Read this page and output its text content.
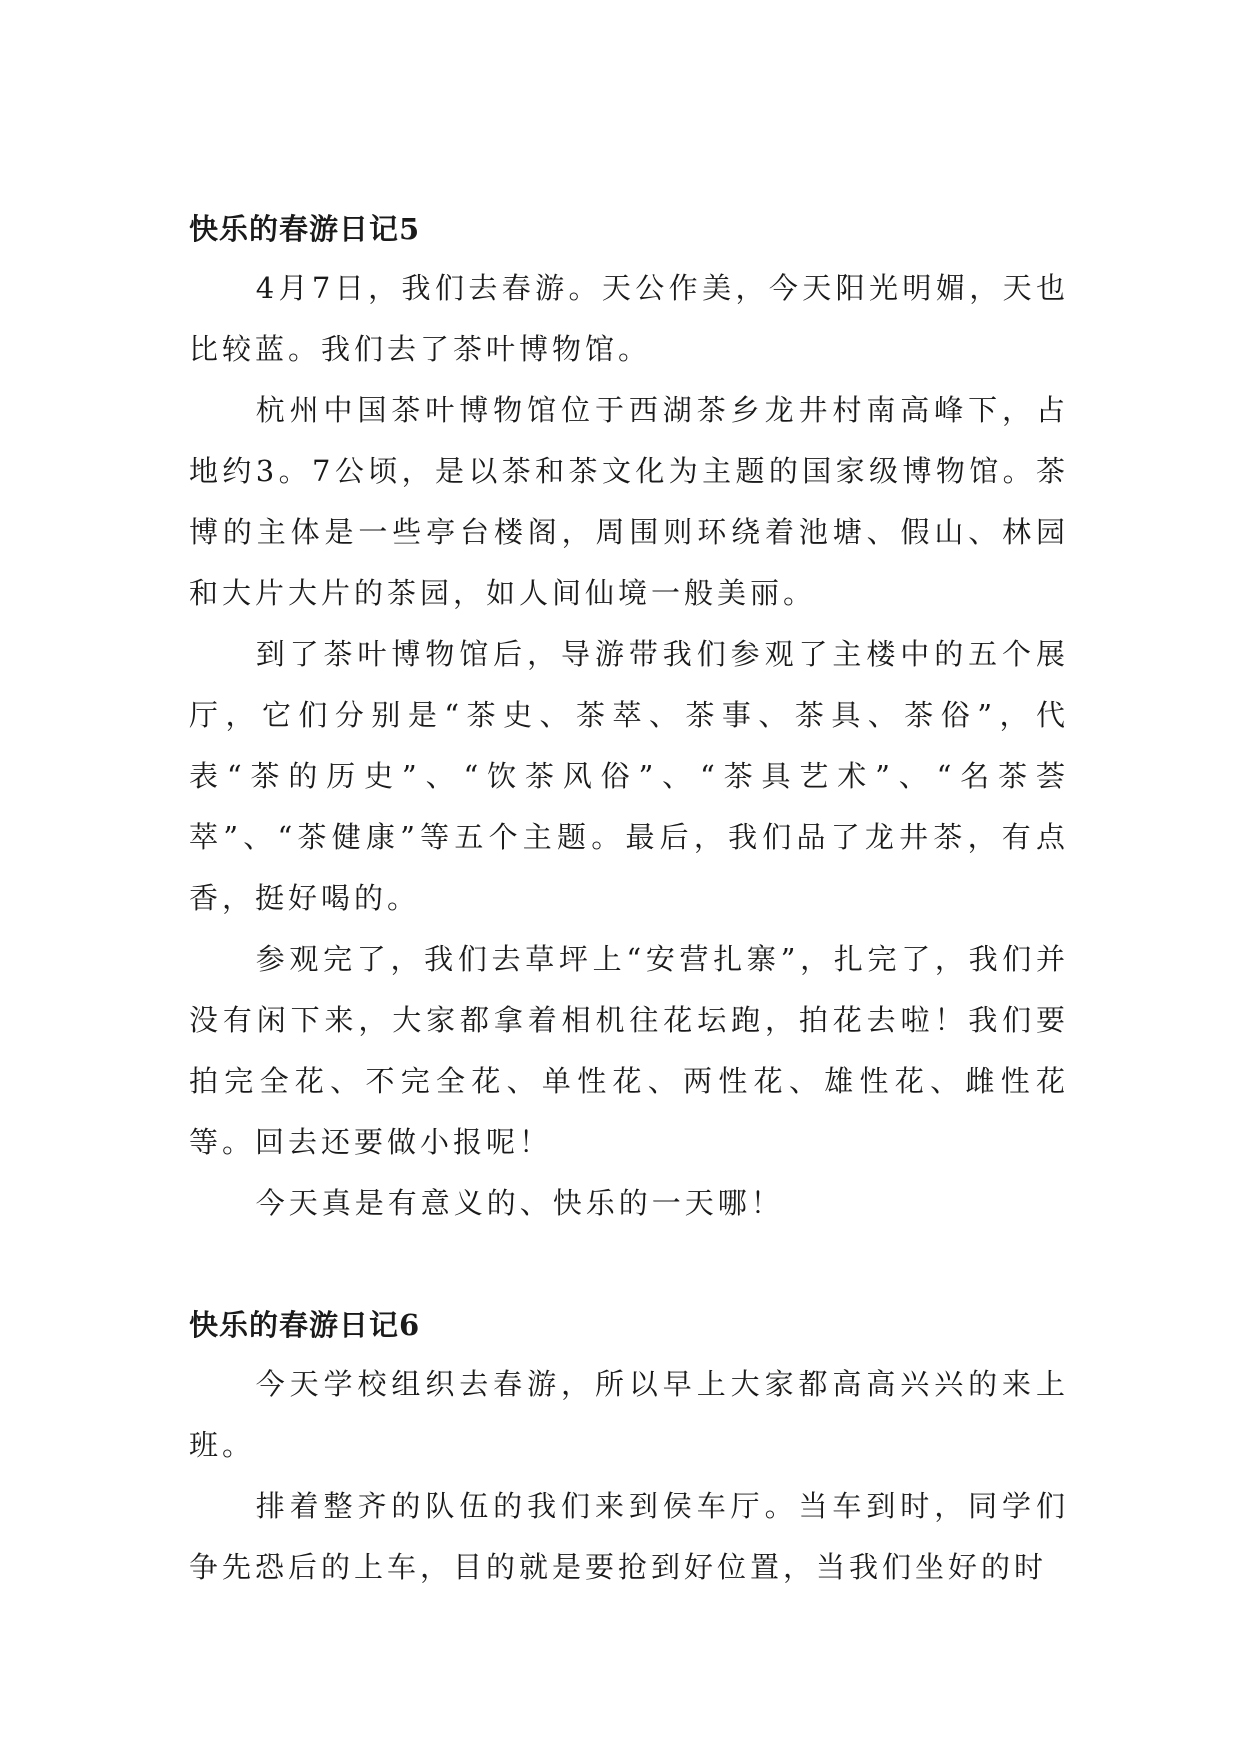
快乐的春游日记5

4月7日，我们去春游。天公作美，今天阳光明媚，天也比较蓝。我们去了茶叶博物馆。

杭州中国茶叶博物馆位于西湖茶乡龙井村南高峰下，占地约3。7公顷，是以茶和茶文化为主题的国家级博物馆。茶博的主体是一些亭台楼阁，周围则环绕着池塘、假山、林园和大片大片的茶园，如人间仙境一般美丽。

到了茶叶博物馆后，导游带我们参观了主楼中的五个展厅，它们分别是“茶史、茶萃、茶事、茶具、茶俗”，代表“茶的历史”、“饮茶风俗”、“茶具艺术”、“名茶荟萃”、“茶健康”等五个主题。最后，我们品了龙井茶，有点香，挺好喝的。

参观完了，我们去草坪上“安营扎寨”，扎完了，我们并没有闲下来，大家都拿着相机往花坛跑，拍花去啦！我们要拍完全花、不完全花、单性花、两性花、雄性花、雌性花等。回去还要做小报呢！

今天真是有意义的、快乐的一天哪！

快乐的春游日记6

今天学校组织去春游，所以早上大家都高高兴兴的来上班。

排着整齐的队伍的我们来到侯车厅。当车到时，同学们争先恐后的上车，目的就是要抢到好位置，当我们坐好的时
